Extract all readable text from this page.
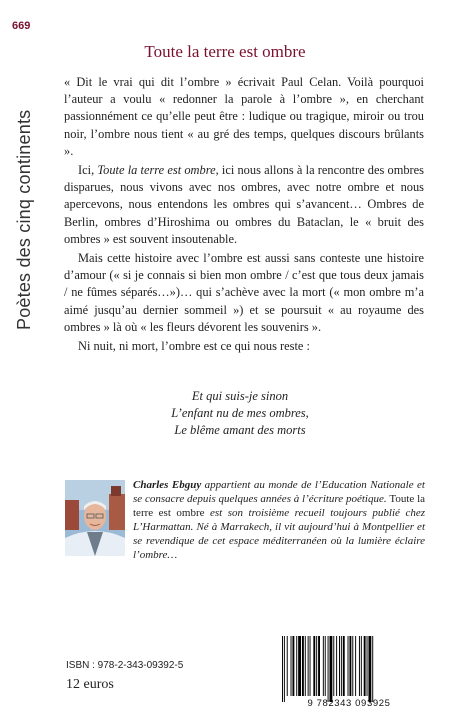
669
Poètes des cinq continents
Toute la terre est ombre

« Dit le vrai qui dit l’ombre » écrivait Paul Celan. Voilà pourquoi l’auteur a voulu « redonner la parole à l’ombre », en cherchant passionnément ce qu’elle peut être : ludique ou tragique, miroir ou trou noir, l’ombre nous tient « au gré des temps, quelques discours brûlants ».

Ici, Toute la terre est ombre, ici nous allons à la rencontre des ombres disparues, nous vivons avec nos ombres, avec notre ombre et nous apercevons, nous entendons les ombres qui s’avancent… Ombres de Berlin, ombres d’Hiroshima ou ombres du Bataclan, le « bruit des ombres » est souvent insoutenable.

Mais cette histoire avec l’ombre est aussi sans conteste une histoire d’amour (« si je connais si bien mon ombre / c’est que tous deux jamais / ne fûmes séparés…»)… qui s’achève avec la mort (« mon ombre m’a aimé jusqu’au dernier sommeil ») et se poursuit « au royaume des ombres » là où « les fleurs dévorent les souvenirs ».

Ni nuit, ni mort, l’ombre est ce qui nous reste :

Et qui suis-je sinon
L’enfant nu de mes ombres,
Le blême amant des morts
Charles Ebguy appartient au monde de l’Education Nationale et se consacre depuis quelques années à l’écriture poétique. Toute la terre est ombre est son troisième recueil toujours publié chez L’Harmattan. Né à Marrakech, il vit aujourd’hui à Montpellier et se revendique de cet espace méditerranéen où la lumière éclaire l’ombre…
ISBN : 978-2-343-09392-5
12 euros
9 782343 093925
